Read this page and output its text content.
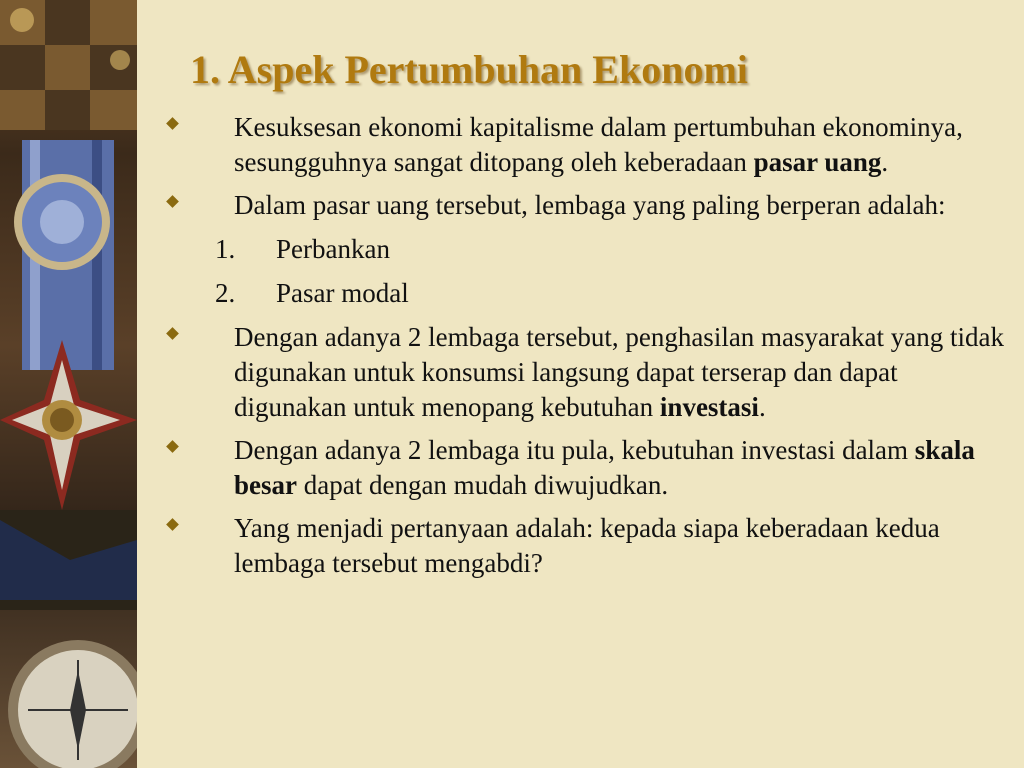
1. Aspek Pertumbuhan Ekonomi
Kesuksesan ekonomi kapitalisme dalam pertumbuhan ekonominya, sesungguhnya sangat ditopang oleh keberadaan pasar uang.
Dalam pasar uang tersebut, lembaga yang paling berperan adalah:
1. Perbankan
2. Pasar modal
Dengan adanya 2 lembaga tersebut, penghasilan masyarakat yang tidak digunakan untuk konsumsi langsung dapat terserap dan dapat digunakan untuk menopang kebutuhan investasi.
Dengan adanya 2 lembaga itu pula, kebutuhan investasi dalam skala besar dapat dengan mudah diwujudkan.
Yang menjadi pertanyaan adalah: kepada siapa keberadaan kedua lembaga tersebut mengabdi?
